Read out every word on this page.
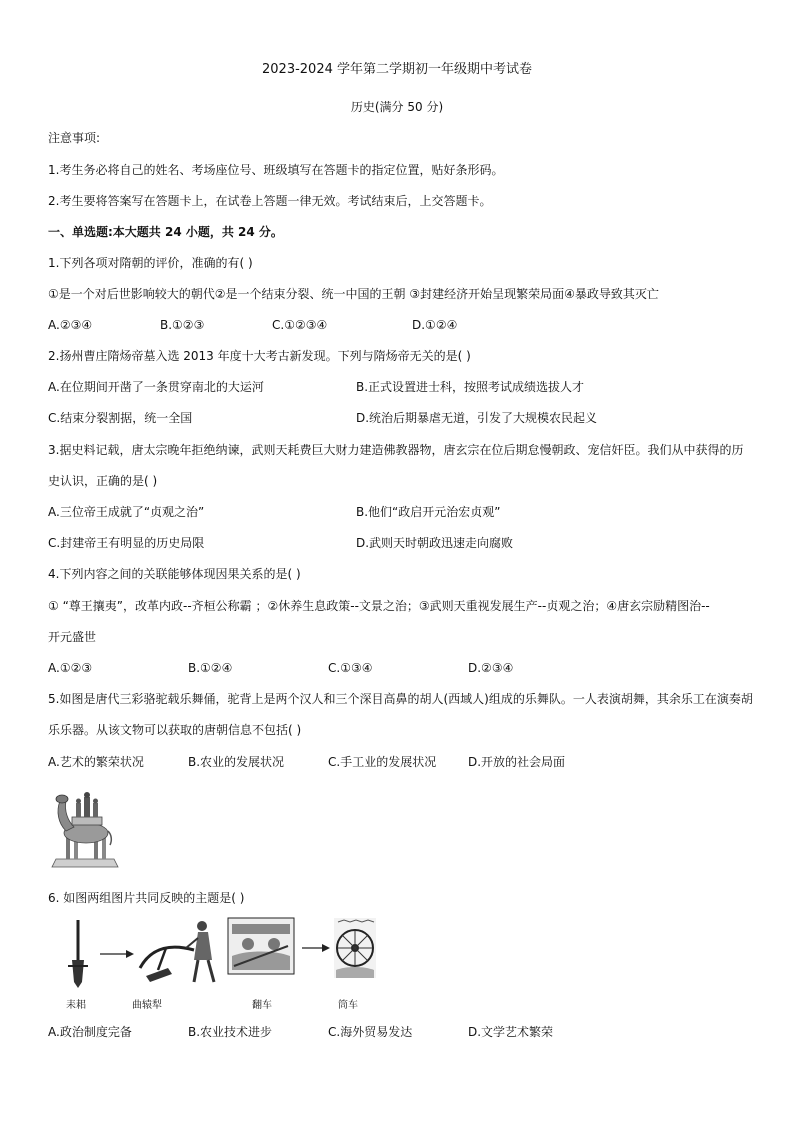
2023-2024 学年第二学期初一年级期中考试卷
历史(满分 50 分)
注意事项:
1.考生务必将自己的姓名、考场座位号、班级填写在答题卡的指定位置，贴好条形码。
2.考生要将答案写在答题卡上，在试卷上答题一律无效。考试结束后，上交答题卡。
一、单选题:本大题共 24 小题，共 24 分。
1.下列各项对隋朝的评价，准确的有( )
①是一个对后世影响较大的朝代②是一个结束分裂、统一中国的王朝 ③封建经济开始呈现繁荣局面④暴政导致其灭亡
A.②③④	B.①②③	C.①②③④	D.①②④
2.扬州曹庄隋炀帝墓入选 2013 年度十大考古新发现。下列与隋炀帝无关的是( )
A.在位期间开凿了一条贯穿南北的大运河	B.正式设置进士科，按照考试成绩选拔人才
C.结束分裂割据，统一全国	D.统治后期暴虐无道，引发了大规模农民起义
3.据史料记载，唐太宗晚年拒绝纳谏，武则天耗费巨大财力建造佛教器物，唐玄宗在位后期怠慢朝政、宠信奸臣。我们从中获得的历
史认识，正确的是( )
A.三位帝王成就了“贞观之治”	B.他们“政启开元治宏贞观”
C.封建帝王有明显的历史局限	D.武则天时朝政迅速走向腐败
4.下列内容之间的关联能够体现因果关系的是( )
① “尊王攘夷”，改革内政--齐桓公称霸 ；②休养生息政策--文景之治；③武则天重视发展生产--贞观之治；④唐玄宗励精图治--
开元盛世
A.①②③	B.①②④	C.①③④	D.②③④
5.如图是唐代三彩骆驼载乐舞俑，驼背上是两个汉人和三个深目高鼻的胡人(西域人)组成的乐舞队。一人表演胡舞，其余乐工在演奏胡
乐乐器。从该文物可以获取的唐朝信息不包括( )
A.艺术的繁荣状况	B.农业的发展状况	C.手工业的发展状况	D.开放的社会局面
6. 如图两组图片共同反映的主题是( )
耒耜	曲辕犁	翻车	筒车
A.政治制度完备	B.农业技术进步	C.海外贸易发达	D.文学艺术繁荣
